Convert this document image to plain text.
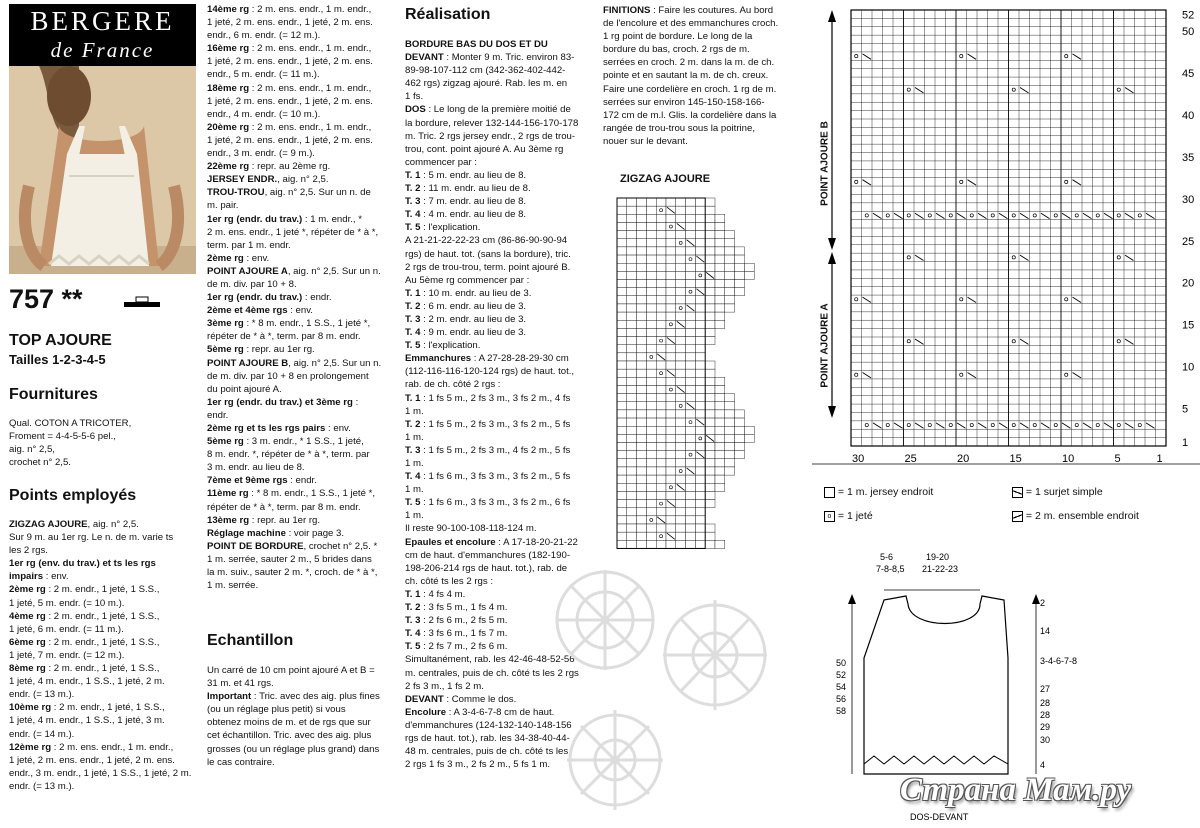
BERGERE
de France
757 **
TOP AJOURE
Tailles 1-2-3-4-5
Fournitures

Qual. COTON A TRICOTER,

Froment = 4-4-5-5-6 pel.,

aig. n° 2,5,

crochet n° 2,5.

Points employés

ZIGZAG AJOURE, aig. n° 2,5.

Sur 9 m. au 1er rg. Le n. de m. varie ts

les 2 rgs.

1er rg (env. du trav.) et ts les rgs

impairs : env.

2ème rg : 2 m. endr., 1 jeté, 1 S.S.,

1 jeté, 5 m. endr. (= 10 m.).

4ème rg : 2 m. endr., 1 jeté, 1 S.S.,

1 jeté, 6 m. endr. (= 11 m.).

6ème rg : 2 m. endr., 1 jeté, 1 S.S.,

1 jeté, 7 m. endr. (= 12 m.).

8ème rg : 2 m. endr., 1 jeté, 1 S.S.,

1 jeté, 4 m. endr., 1 S.S., 1 jeté, 2 m.

endr. (= 13 m.).

10ème rg : 2 m. endr., 1 jeté, 1 S.S.,

1 jeté, 4 m. endr., 1 S.S., 1 jeté, 3 m.

endr. (= 14 m.).

12ème rg : 2 m. ens. endr., 1 m. endr.,

1 jeté, 2 m. ens. endr., 1 jeté, 2 m. ens.

endr., 3 m. endr., 1 jeté, 1 S.S., 1 jeté, 2 m.

endr. (= 13 m.).

14ème rg : 2 m. ens. endr., 1 m. endr.,

1 jeté, 2 m. ens. endr., 1 jeté, 2 m. ens.

endr., 6 m. endr. (= 12 m.).

16ème rg : 2 m. ens. endr., 1 m. endr.,

1 jeté, 2 m. ens. endr., 1 jeté, 2 m. ens.

endr., 5 m. endr. (= 11 m.).

18ème rg : 2 m. ens. endr., 1 m. endr.,

1 jeté, 2 m. ens. endr., 1 jeté, 2 m. ens.

endr., 4 m. endr. (= 10 m.).

20ème rg : 2 m. ens. endr., 1 m. endr.,

1 jeté, 2 m. ens. endr., 1 jeté, 2 m. ens.

endr., 3 m. endr. (= 9 m.).

22ème rg : repr. au 2ème rg.

JERSEY ENDR., aig. n° 2,5.

TROU-TROU, aig. n° 2,5. Sur un n. de

m. pair.

1er rg (endr. du trav.) : 1 m. endr., *

2 m. ens. endr., 1 jeté *, répéter de * à *,

term. par 1 m. endr.

2ème rg : env.

POINT AJOURE A, aig. n° 2,5. Sur un n.

de m. div. par 10 + 8.

1er rg (endr. du trav.) : endr.

2ème et 4ème rgs : env.

3ème rg : * 8 m. endr., 1 S.S., 1 jeté *,

répéter de * à *, term. par 8 m. endr.

5ème rg : repr. au 1er rg.

POINT AJOURE B, aig. n° 2,5. Sur un n.

de m. div. par 10 + 8 en prolongement

du point ajouré A.

1er rg (endr. du trav.) et 3ème rg :

endr.

2ème rg et ts les rgs pairs : env.

5ème rg : 3 m. endr., * 1 S.S., 1 jeté,

8 m. endr. *, répéter de * à *, term. par

3 m. endr. au lieu de 8.

7ème et 9ème rgs : endr.

11ème rg : * 8 m. endr., 1 S.S., 1 jeté *,

répéter de * à *, term. par 8 m. endr.

13ème rg : repr. au 1er rg.

Réglage machine : voir page 3.

POINT DE BORDURE, crochet n° 2,5. *

1 m. serrée, sauter 2 m., 5 brides dans

la m. suiv., sauter 2 m. *, croch. de * à *,

1 m. serrée.

Echantillon

Un carré de 10 cm point ajouré A et B =

31 m. et 41 rgs.

Important : Tric. avec des aig. plus fines

(ou un réglage plus petit) si vous

obtenez moins de m. et de rgs que sur

cet échantillon. Tric. avec des aig. plus

grosses (ou un réglage plus grand) dans

le cas contraire.

Réalisation

BORDURE BAS DU DOS ET DU

DEVANT : Monter 9 m. Tric. environ 83-

89-98-107-112 cm (342-362-402-442-

462 rgs) zigzag ajouré. Rab. les m. en

1 fs.

DOS : Le long de la première moitié de

la bordure, relever 132-144-156-170-178

m. Tric. 2 rgs jersey endr., 2 rgs de trou-

trou, cont. point ajouré A. Au 3ème rg

commencer par :

T. 1 : 5 m. endr. au lieu de 8.

T. 2 : 11 m. endr. au lieu de 8.

T. 3 : 7 m. endr. au lieu de 8.

T. 4 : 4 m. endr. au lieu de 8.

T. 5 : l'explication.

A 21-21-22-22-23 cm (86-86-90-90-94

rgs) de haut. tot. (sans la bordure), tric.

2 rgs de trou-trou, term. point ajouré B.

Au 5ème rg commencer par :

T. 1 : 10 m. endr. au lieu de 3.

T. 2 : 6 m. endr. au lieu de 3.

T. 3 : 2 m. endr. au lieu de 3.

T. 4 : 9 m. endr. au lieu de 3.

T. 5 : l'explication.

Emmanchures : A 27-28-28-29-30 cm

(112-116-116-120-124 rgs) de haut. tot.,

rab. de ch. côté 2 rgs :

T. 1 : 1 fs 5 m., 2 fs 3 m., 3 fs 2 m., 4 fs

1 m.

T. 2 : 1 fs 5 m., 2 fs 3 m., 3 fs 2 m., 5 fs

1 m.

T. 3 : 1 fs 5 m., 2 fs 3 m., 4 fs 2 m., 5 fs

1 m.

T. 4 : 1 fs 6 m., 3 fs 3 m., 3 fs 2 m., 5 fs

1 m.

T. 5 : 1 fs 6 m., 3 fs 3 m., 3 fs 2 m., 6 fs

1 m.

Il reste 90-100-108-118-124 m.

Epaules et encolure : A 17-18-20-21-22

cm de haut. d'emmanchures (182-190-

198-206-214 rgs de haut. tot.), rab. de

ch. côté ts les 2 rgs :

T. 1 : 4 fs 4 m.

T. 2 : 3 fs 5 m., 1 fs 4 m.

T. 3 : 2 fs 6 m., 2 fs 5 m.

T. 4 : 3 fs 6 m., 1 fs 7 m.

T. 5 : 2 fs 7 m., 2 fs 6 m.

Simultanément, rab. les 42-46-48-52-56

m. centrales, puis de ch. côté ts les 2 rgs

2 fs 3 m., 1 fs 2 m.

DEVANT : Comme le dos.

Encolure : A 3-4-6-7-8 cm de haut.

d'emmanchures (124-132-140-148-156

rgs de haut. tot.), rab. les 34-38-40-44-

48 m. centrales, puis de ch. côté ts les

2 rgs 1 fs 3 m., 2 fs 2 m., 5 fs 1 m.

FINITIONS : Faire les coutures. Au bord

de l'encolure et des emmanchures croch.

1 rg point de bordure. Le long de la

bordure du bas, croch. 2 rgs de m.

serrées en croch. 2 m. dans la m. de ch.

pointe et en sautant la m. de ch. creux.

Faire une cordelière en croch. 1 rg de m.

serrées sur environ 145-150-158-166-

172 cm de m.l. Glis. la cordelière dans la

rangée de trou-trou sous la poitrine,

nouer sur le devant.

ZIGZAG AJOURE
52
50
45
40
35
30
25
20
15
10
5
1
30	25	20	15	10	5	1
POINT AJOURE B
POINT AJOURE A
= 1 m. jersey endroit	= 1 surjet simple
o = 1 jeté	= 2 m. ensemble endroit
5-6
7-8-8,5
19-20
21-22-23
2
14
3-4-6-7-8
27
28
28
29
30
4
50
52
54
56
58
DOS-DEVANT
Страна Мам.ру
